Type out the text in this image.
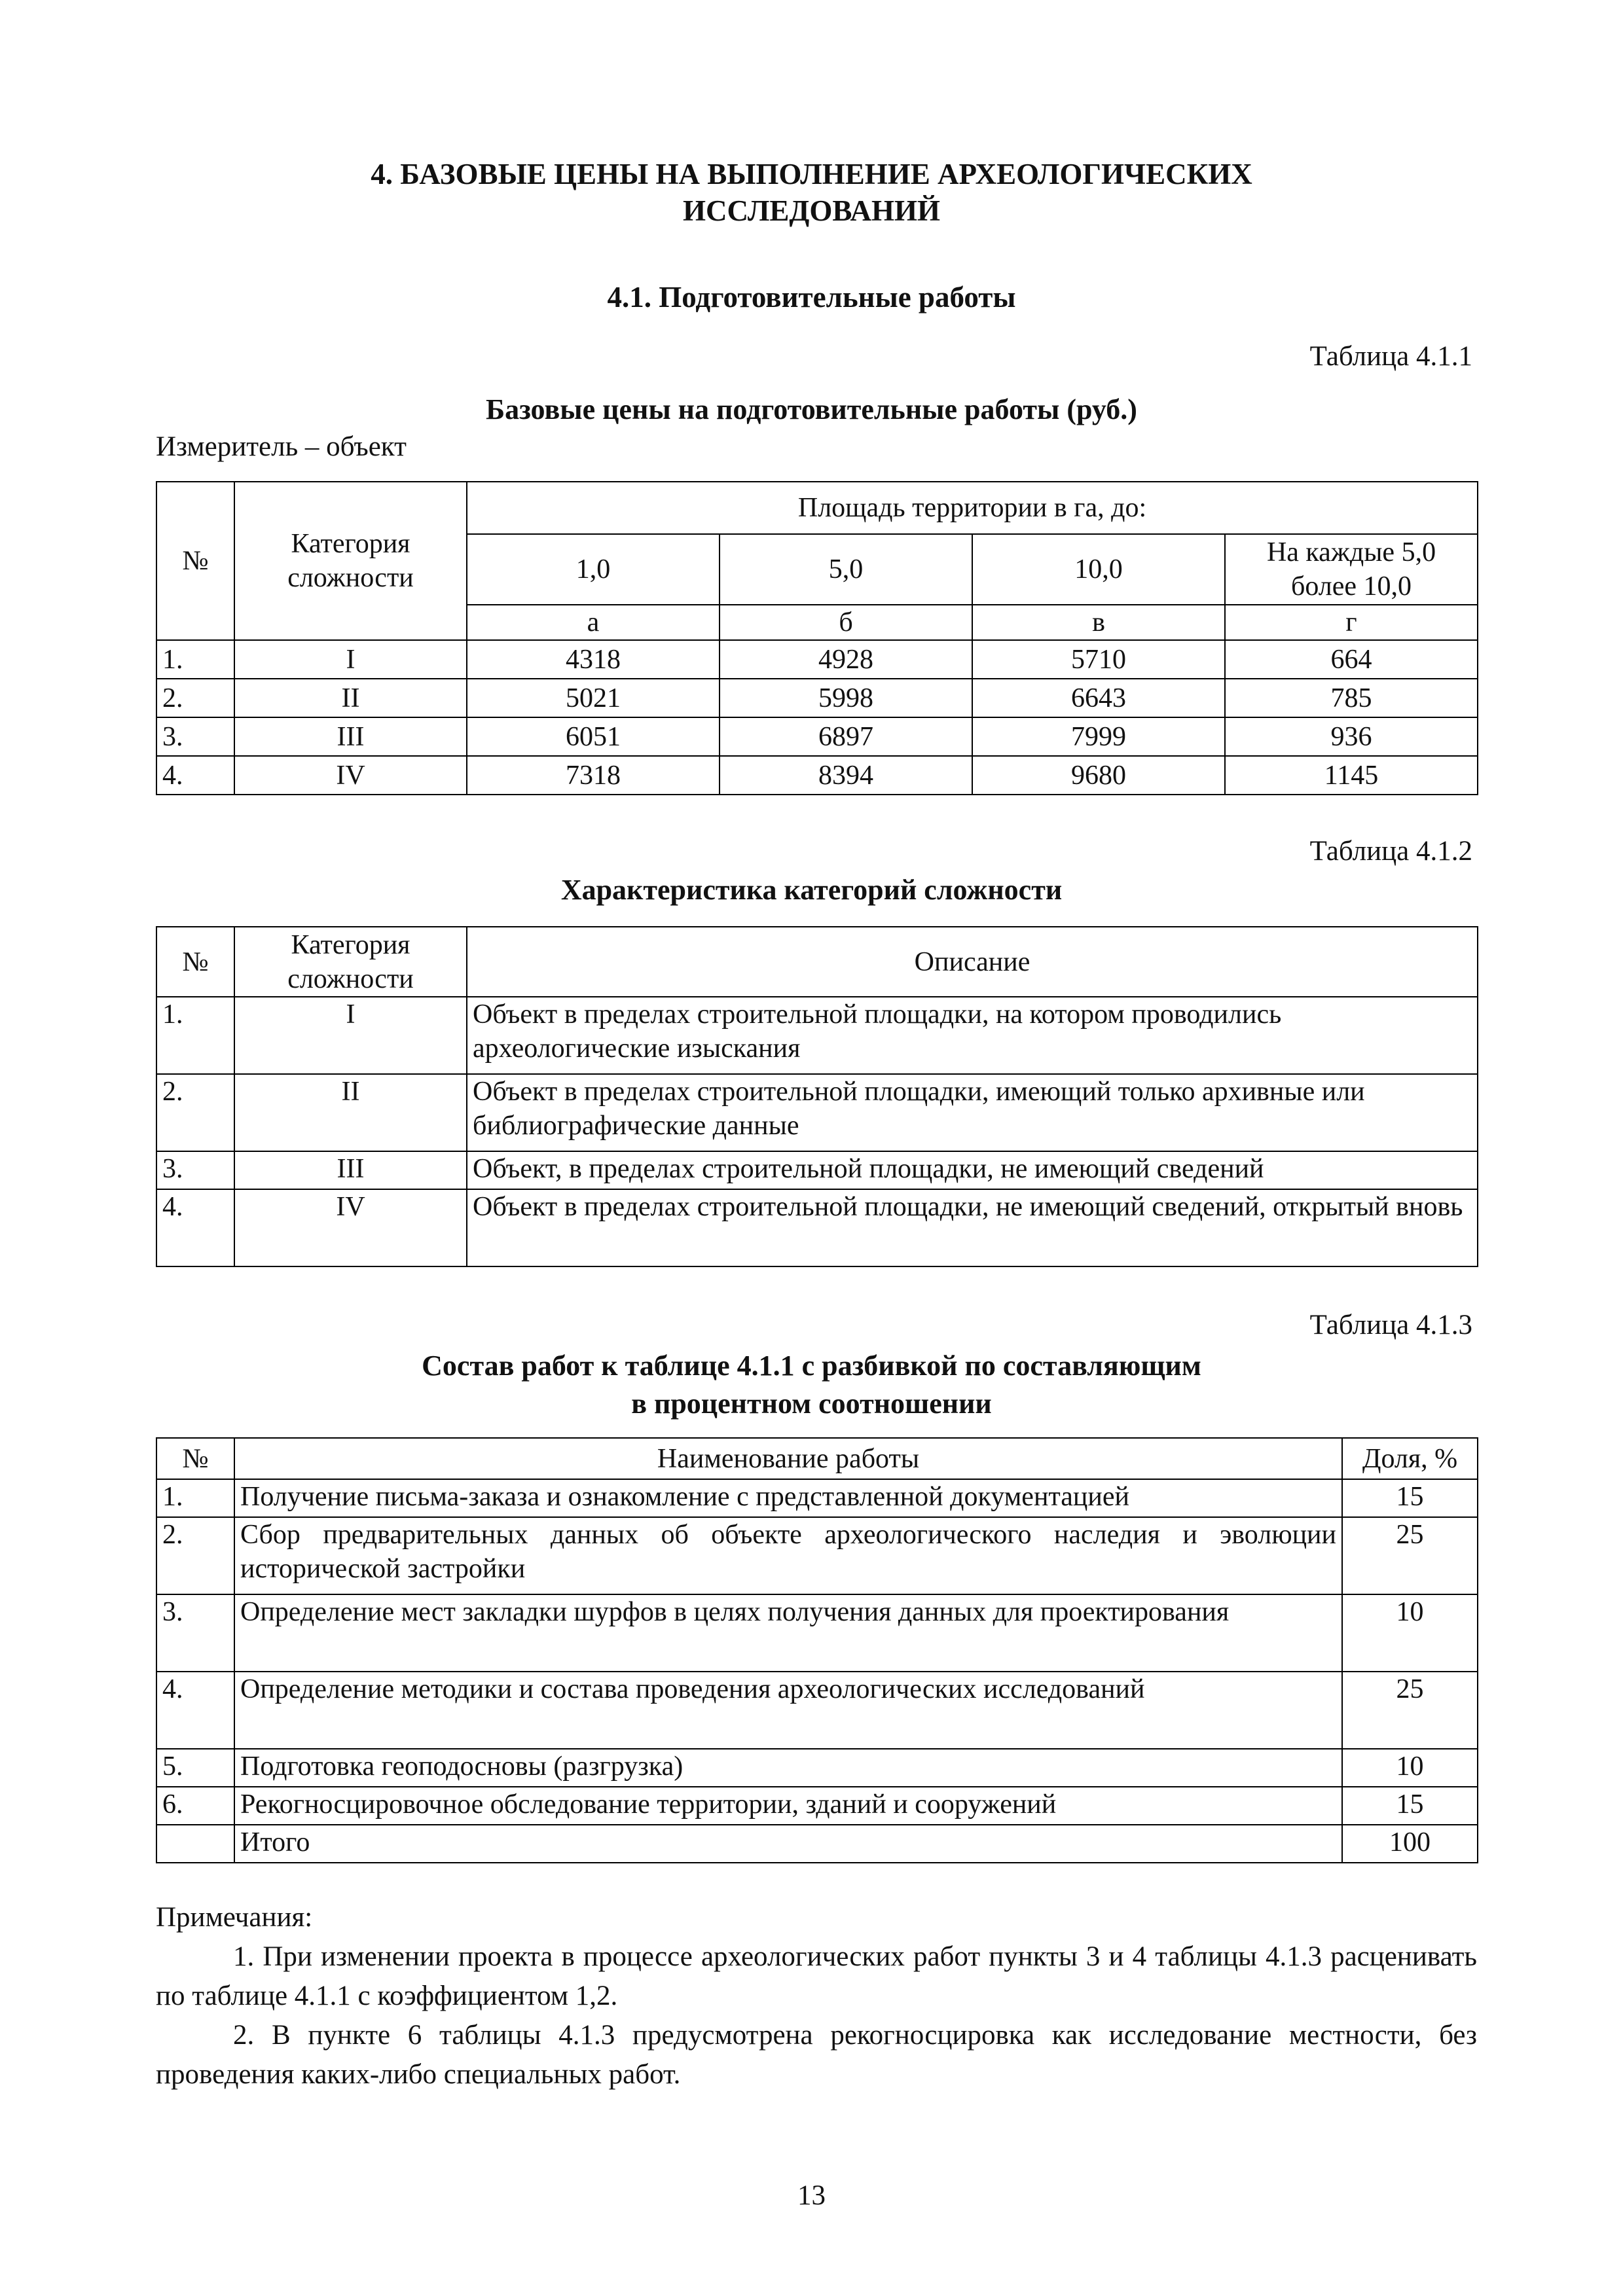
4. БАЗОВЫЕ ЦЕНЫ НА ВЫПОЛНЕНИЕ АРХЕОЛОГИЧЕСКИХ
ИССЛЕДОВАНИЙ
4.1. Подготовительные работы
Таблица 4.1.1
Базовые цены на подготовительные работы (руб.)
Измеритель – объект
№	Категория сложности	Площадь территории в га, до:			
		1,0	5,0	10,0	На каждые 5,0 более 10,0
		а	б	в	г
1.	I	4318	4928	5710	664
2.	II	5021	5998	6643	785
3.	III	6051	6897	7999	936
4.	IV	7318	8394	9680	1145
Таблица 4.1.2
Характеристика категорий сложности
№	Категория сложности	Описание
1.	I	Объект в пределах строительной площадки, на котором проводились археологические изыскания
2.	II	Объект в пределах строительной площадки, имеющий только архивные или библиографические данные
3.	III	Объект, в пределах строительной площадки, не имеющий сведений
4.	IV	Объект в пределах строительной площадки, не имеющий сведений, открытый вновь
Таблица 4.1.3
Состав работ к таблице 4.1.1 с разбивкой по составляющим
в процентном соотношении
№	Наименование работы	Доля, %
1.	Получение письма-заказа и ознакомление с представленной документацией	15
2.	Сбор предварительных данных об объекте археологического наследия и эволюции исторической застройки	25
3.	Определение мест закладки шурфов в целях получения данных для проектирования	10
4.	Определение методики и состава проведения археологических исследований	25
5.	Подготовка геоподосновы (разгрузка)	10
6.	Рекогносцировочное обследование территории, зданий и сооружений	15
	Итого	100
Примечания:
1. При изменении проекта в процессе археологических работ пункты 3 и 4 таблицы 4.1.3 расценивать по таблице 4.1.1 с коэффициентом 1,2.
2. В пункте 6 таблицы 4.1.3 предусмотрена рекогносцировка как исследование местности, без проведения каких-либо специальных работ.
13
